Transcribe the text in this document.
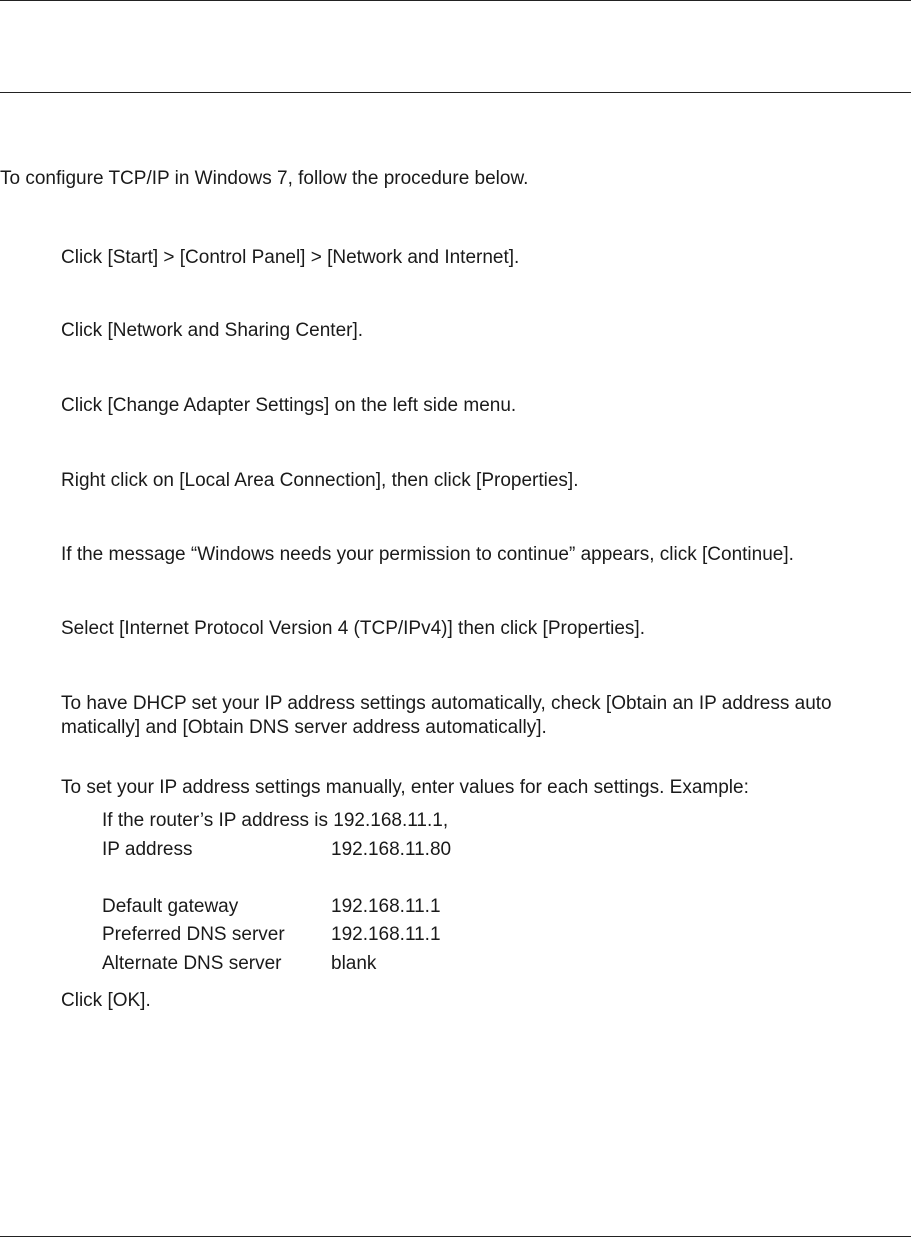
To configure TCP/IP in Windows 7, follow the procedure below.
Click [Start] > [Control Panel] > [Network and Internet].
Click [Network and Sharing Center].
Click [Change Adapter Settings] on the left side menu.
Right click on [Local Area Connection], then click [Properties].
If the message “Windows needs your permission to continue” appears, click [Continue].
Select [Internet Protocol Version 4 (TCP/IPv4)] then click [Properties].
To have DHCP set your IP address settings automatically, check [Obtain an IP address auto matically] and [Obtain DNS server address automatically].
To set your IP address settings manually, enter values for each settings. Example:
If the router’s IP address is 192.168.11.1,
IP address	192.168.11.80
Default gateway	192.168.11.1
Preferred DNS server 192.168.11.1
Alternate DNS server	blank
Click [OK].
